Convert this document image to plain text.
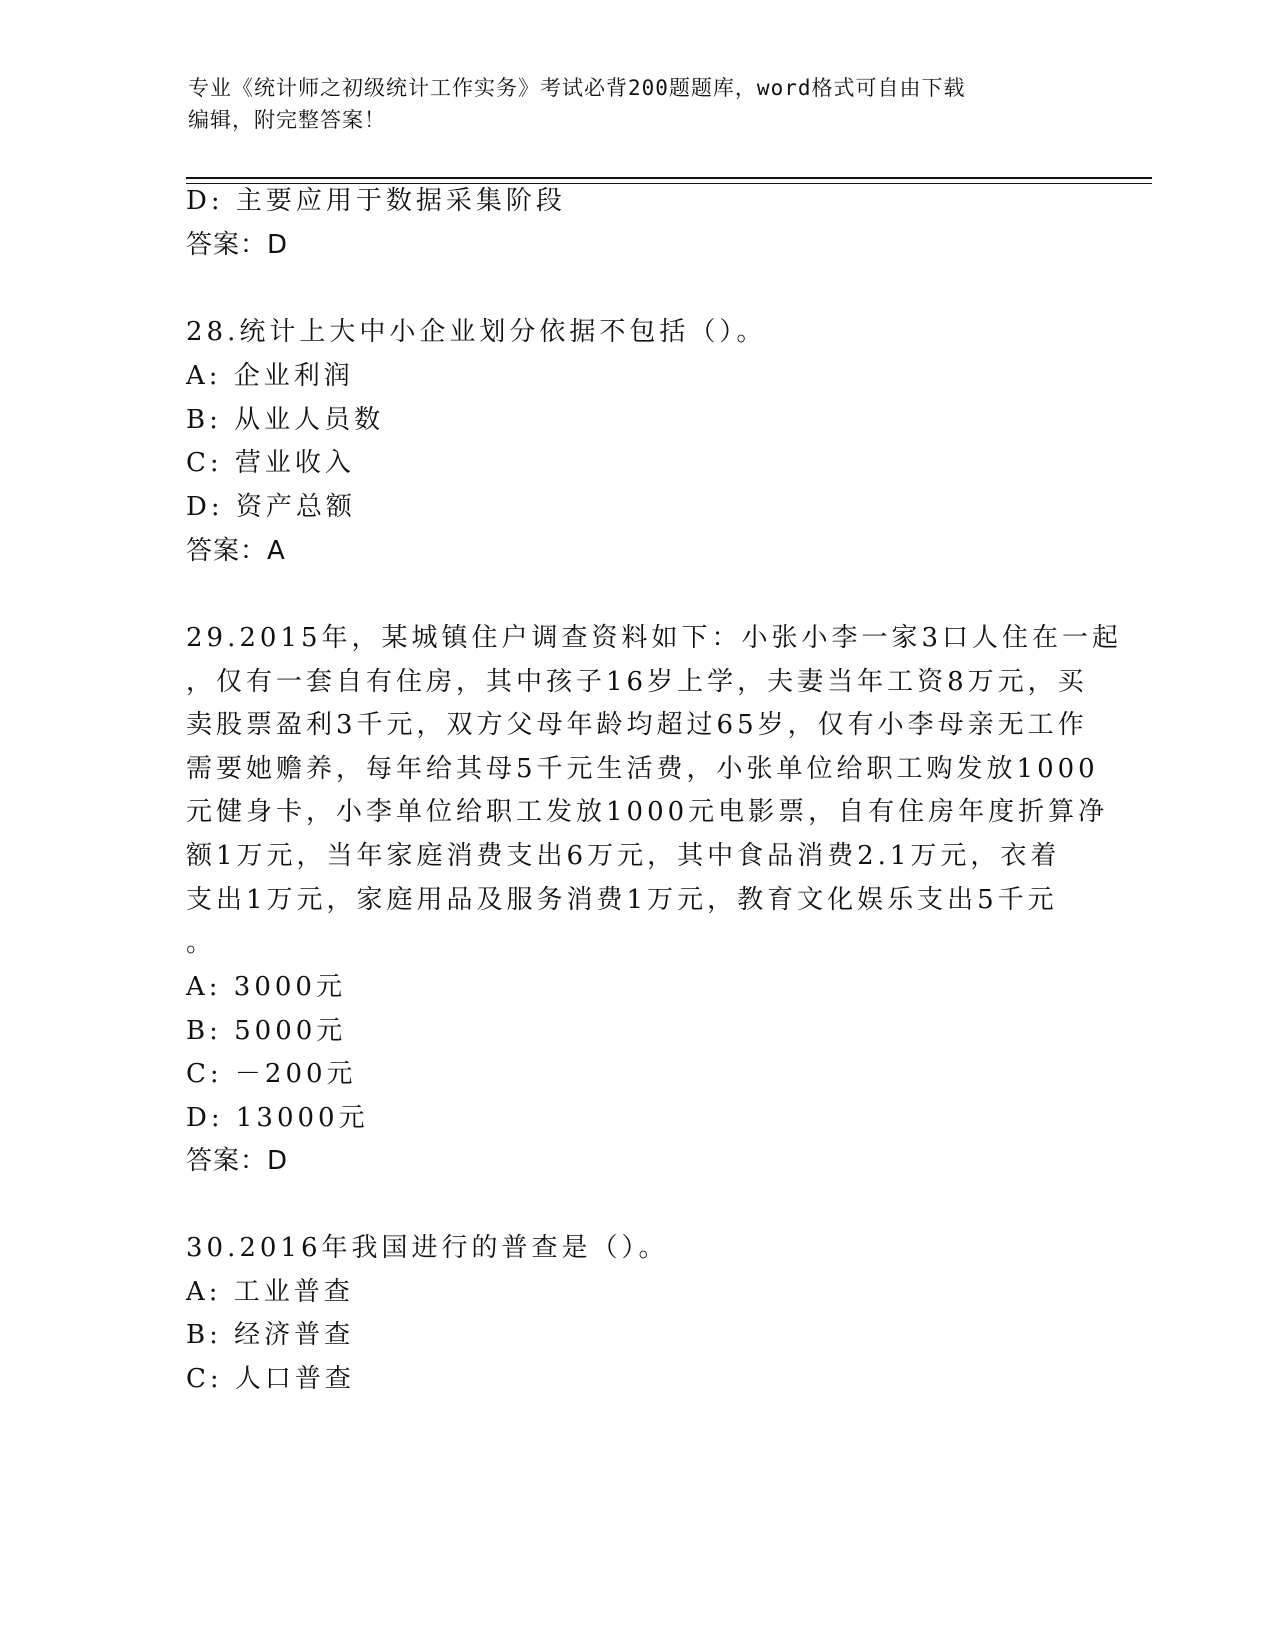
专业《统计师之初级统计工作实务》考试必背200题题库，word格式可自由下载
编辑，附完整答案！
D: 主要应用于数据采集阶段
答案：D
28.统计上大中小企业划分依据不包括（）。
A: 企业利润
B: 从业人员数
C: 营业收入
D: 资产总额
答案：A
29.2015年，某城镇住户调查资料如下：小张小李一家3口人住在一起
，仅有一套自有住房，其中孩子16岁上学，夫妻当年工资8万元，买
卖股票盈利3千元，双方父母年龄均超过65岁，仅有小李母亲无工作
需要她赡养，每年给其母5千元生活费，小张单位给职工购发放1000
元健身卡，小李单位给职工发放1000元电影票，自有住房年度折算净
额1万元，当年家庭消费支出6万元，其中食品消费2.1万元，衣着
支出1万元，家庭用品及服务消费1万元，教育文化娱乐支出5千元
。
A: 3000元
B: 5000元
C: －200元
D: 13000元
答案：D
30.2016年我国进行的普查是（）。
A: 工业普查
B: 经济普查
C: 人口普查
